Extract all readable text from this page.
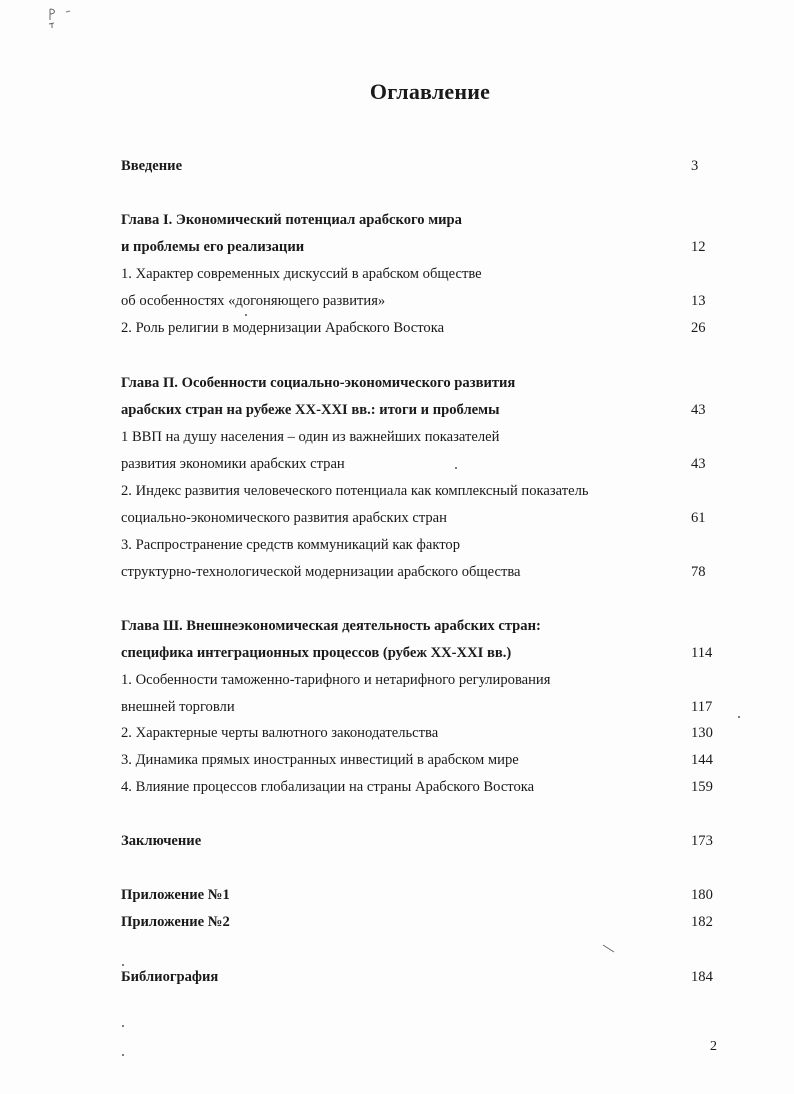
Оглавление
Введение	3
Глава I. Экономический потенциал арабского мира
и проблемы его реализации	12
1. Характер современных дискуссий в арабском обществе
об особенностях «догоняющего развития»	13
2. Роль религии в модернизации Арабского Востока	26
Глава П. Особенности социально-экономического развития
арабских стран на рубеже XX-XXI вв.: итоги и проблемы	43
1 ВВП на душу населения – один из важнейших показателей
развития экономики арабских стран	43
2. Индекс развития человеческого потенциала как комплексный показатель
социально-экономического развития арабских стран	61
3. Распространение средств коммуникаций как фактор
структурно-технологической модернизации арабского общества	78
Глава Ш. Внешнеэкономическая деятельность арабских стран:
специфика интеграционных процессов (рубеж XX-XXI вв.)	114
1. Особенности таможенно-тарифного и нетарифного регулирования
внешней торговли	117
2. Характерные черты валютного законодательства	130
3. Динамика прямых иностранных инвестиций в арабском мире	144
4. Влияние процессов глобализации на страны Арабского Востока	159
Заключение	173
Приложение №1	180
Приложение №2	182
Библиография	184
2
